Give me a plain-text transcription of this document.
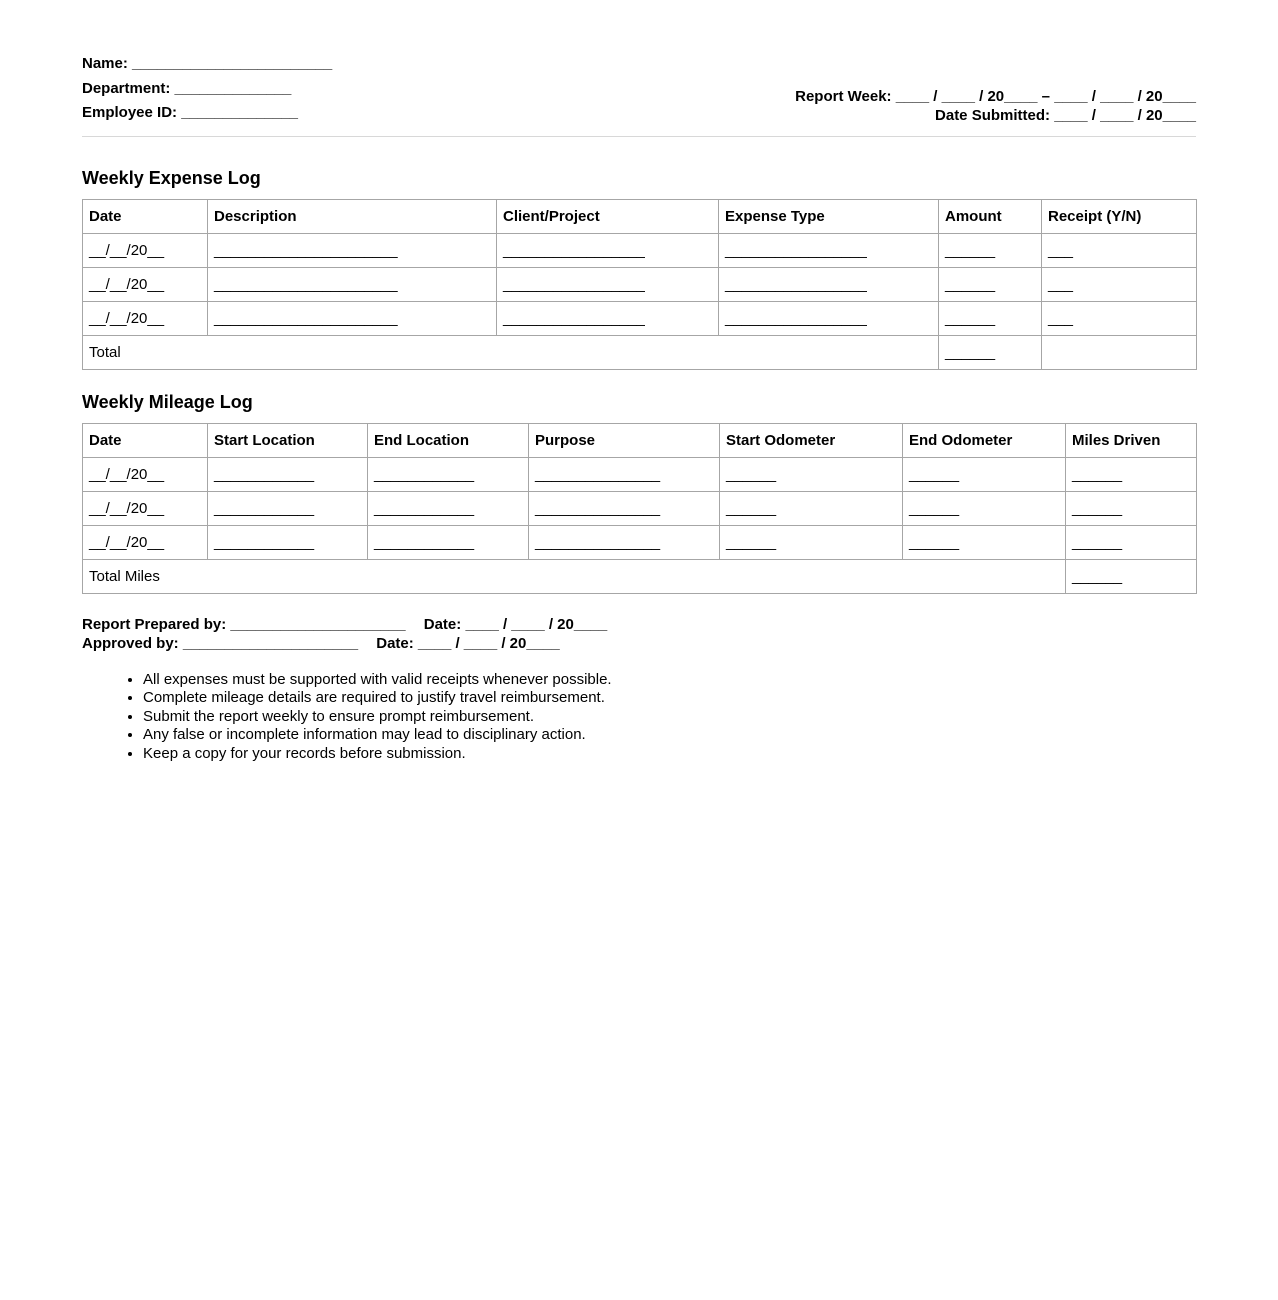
Name: ________________________
Department: ______________
Employee ID: ______________
Report Week: ____ / ____ / 20____ – ____ / ____ / 20____
Date Submitted: ____ / ____ / 20____
Weekly Expense Log
Date	Description	Client/Project	Expense Type	Amount	Receipt (Y/N)
__/__/20__	______________________	_________________	_________________	______	___
__/__/20__	______________________	_________________	_________________	______	___
__/__/20__	______________________	_________________	_________________	______	___
Total				______	
Weekly Mileage Log
Date	Start Location	End Location	Purpose	Start Odometer	End Odometer	Miles Driven
__/__/20__	____________	____________	_______________	______	______	______
__/__/20__	____________	____________	_______________	______	______	______
__/__/20__	____________	____________	_______________	______	______	______
Total Miles						______
Report Prepared by: _____________________ Date: ____ / ____ / 20____
Approved by: _____________________ Date: ____ / ____ / 20____
• All expenses must be supported with valid receipts whenever possible.
• Complete mileage details are required to justify travel reimbursement.
• Submit the report weekly to ensure prompt reimbursement.
• Any false or incomplete information may lead to disciplinary action.
• Keep a copy for your records before submission.
